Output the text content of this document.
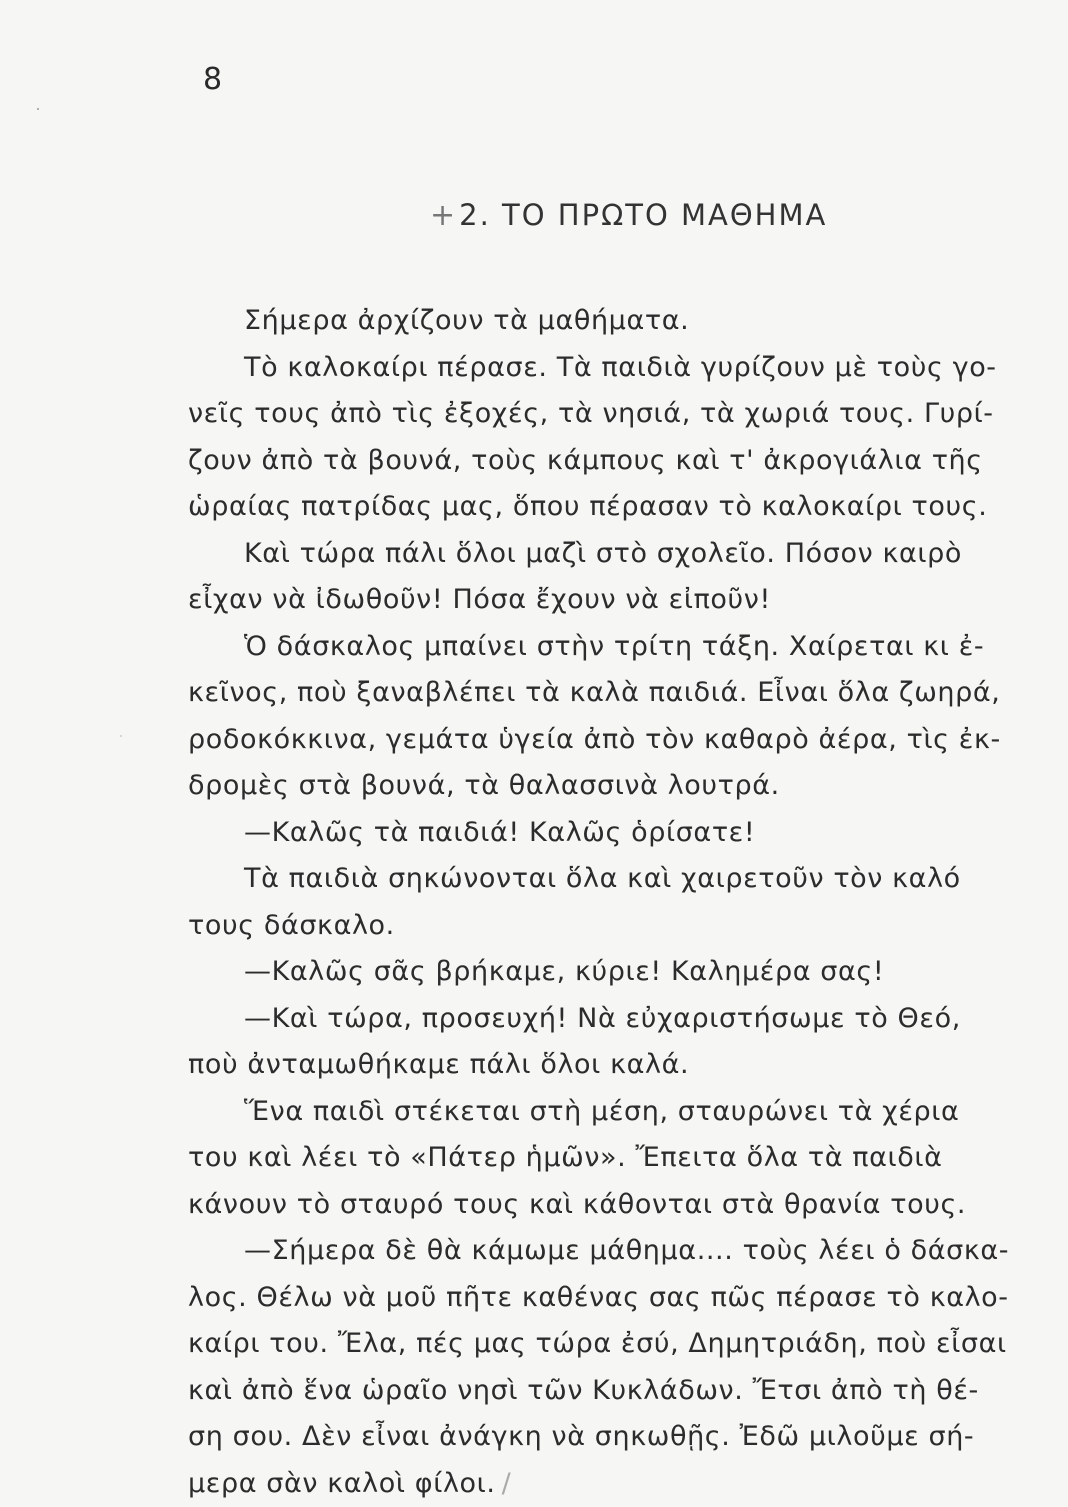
8
+2. ΤΟ ΠΡΩΤΟ ΜΑΘΗΜΑ
Σήμερα ἀρχίζουν τὰ μαθήματα.
Τὸ καλοκαίρι πέρασε. Τὰ παιδιὰ γυρίζουν μὲ τοὺς γο-
νεῖς τους ἀπὸ τὶς ἐξοχές, τὰ νησιά, τὰ χωριά τους. Γυρί-
ζουν ἀπὸ τὰ βουνά, τοὺς κάμπους καὶ τ' ἀκρογιάλια τῆς
ὡραίας πατρίδας μας, ὅπου πέρασαν τὸ καλοκαίρι τους.
Καὶ τώρα πάλι ὅλοι μαζὶ στὸ σχολεῖο. Πόσον καιρὸ
εἶχαν νὰ ἰδωθοῦν! Πόσα ἔχουν νὰ εἰποῦν!
Ὁ δάσκαλος μπαίνει στὴν τρίτη τάξη. Χαίρεται κι ἐ-
κεῖνος, ποὺ ξαναβλέπει τὰ καλὰ παιδιά. Εἶναι ὅλα ζωηρά,
ροδοκόκκινα, γεμάτα ὑγεία ἀπὸ τὸν καθαρὸ ἀέρα, τὶς ἐκ-
δρομὲς στὰ βουνά, τὰ θαλασσινὰ λουτρά.
—Καλῶς τὰ παιδιά! Καλῶς ὁρίσατε!
Τὰ παιδιὰ σηκώνονται ὅλα καὶ χαιρετοῦν τὸν καλό
τους δάσκαλο.
—Καλῶς σᾶς βρήκαμε, κύριε! Καλημέρα σας!
—Καὶ τώρα, προσευχή! Νὰ εὐχαριστήσωμε τὸ Θεό,
ποὺ ἀνταμωθήκαμε πάλι ὅλοι καλά.
Ἕνα παιδὶ στέκεται στὴ μέση, σταυρώνει τὰ χέρια
του καὶ λέει τὸ «Πάτερ ἡμῶν». Ἔπειτα ὅλα τὰ παιδιὰ
κάνουν τὸ σταυρό τους καὶ κάθονται στὰ θρανία τους.
—Σήμερα δὲ θὰ κάμωμε μάθημα.... τοὺς λέει ὁ δάσκα-
λος. Θέλω νὰ μοῦ πῆτε καθένας σας πῶς πέρασε τὸ καλο-
καίρι του. Ἔλα, πές μας τώρα ἐσύ, Δημητριάδη, ποὺ εἶσαι
καὶ ἀπὸ ἕνα ὡραῖο νησὶ τῶν Κυκλάδων. Ἔτσι ἀπὸ τὴ θέ-
ση σου. Δὲν εἶναι ἀνάγκη νὰ σηκωθῇς. Ἐδῶ μιλοῦμε σή-
μερα σὰν καλοὶ φίλοι. /
